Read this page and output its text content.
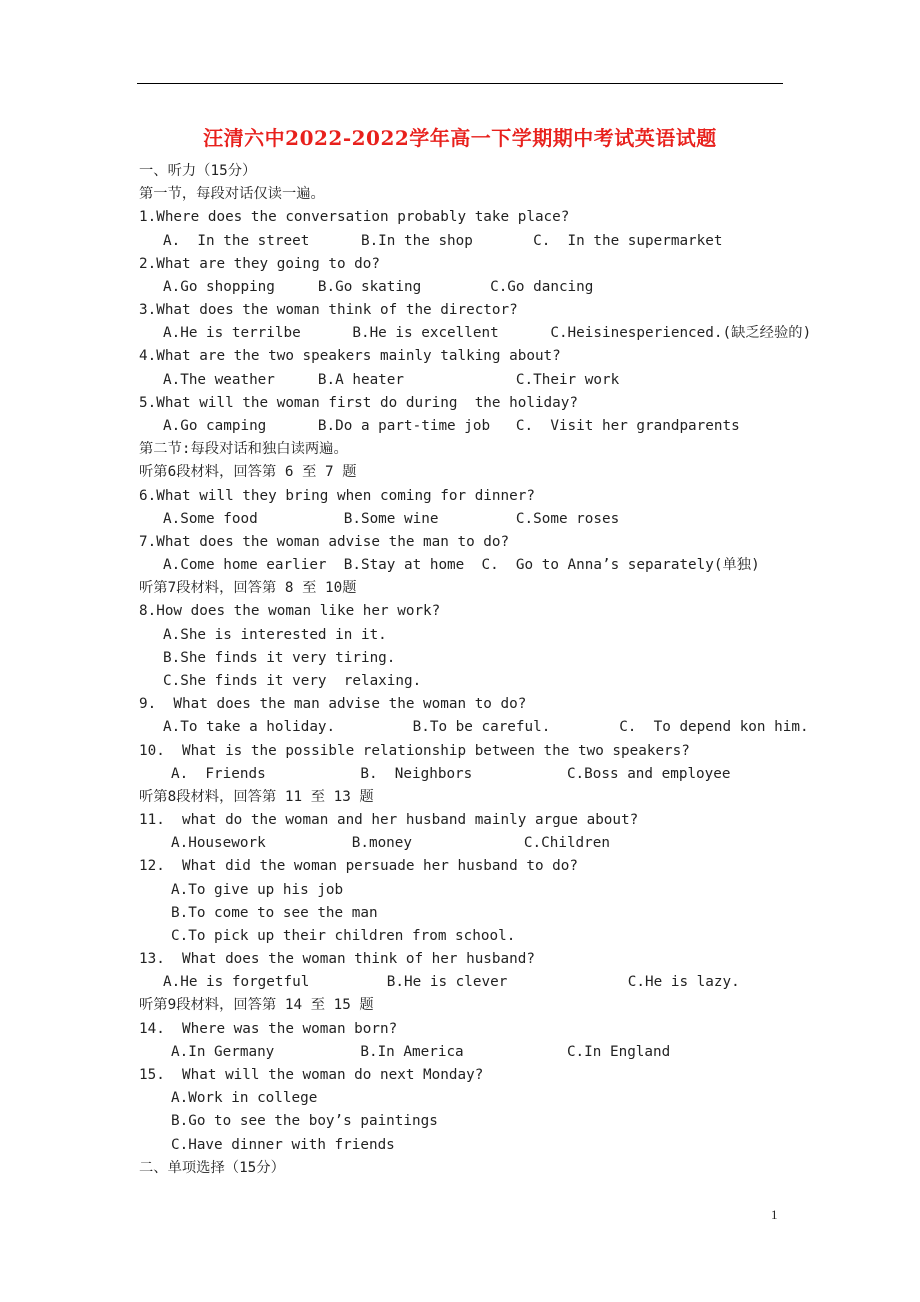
汪清六中2022-2022学年高一下学期期中考试英语试题
一、听力（15分）
第一节，每段对话仅读一遍。
1.Where does the conversation probably take place?
A.  In the street      B.In the shop       C.  In the supermarket
2.What are they going to do?
A.Go shopping     B.Go skating        C.Go dancing
3.What does the woman think of the director?
A.He is terrilbe      B.He is excellent      C.Heisinesperienced.(缺乏经验的)
4.What are the two speakers mainly talking about?
A.The weather     B.A heater             C.Their work
5.What will the woman first do during  the holiday?
A.Go camping      B.Do a part-time job   C.  Visit her grandparents
第二节:每段对话和独白读两遍。
听第6段材料，回答第 6 至 7 题
6.What will they bring when coming for dinner?
A.Some food          B.Some wine         C.Some roses
7.What does the woman advise the man to do?
A.Come home earlier  B.Stay at home  C.  Go to Anna’s separately(单独)
听第7段材料，回答第 8 至 10题
8.How does the woman like her work?
A.She is interested in it.
B.She finds it very tiring.
C.She finds it very  relaxing.
9.  What does the man advise the woman to do?
A.To take a holiday.         B.To be careful.        C.  To depend kon him.
10.  What is the possible relationship between the two speakers?
A.  Friends           B.  Neighbors           C.Boss and employee
听第8段材料，回答第 11 至 13 题
11.  what do the woman and her husband mainly argue about?
A.Housework          B.money             C.Children
12.  What did the woman persuade her husband to do?
A.To give up his job
B.To come to see the man
C.To pick up their children from school.
13.  What does the woman think of her husband?
A.He is forgetful         B.He is clever              C.He is lazy.
听第9段材料，回答第 14 至 15 题
14.  Where was the woman born?
A.In Germany          B.In America            C.In England
15.  What will the woman do next Monday?
A.Work in college
B.Go to see the boy’s paintings
C.Have dinner with friends
二、单项选择（15分）
1
